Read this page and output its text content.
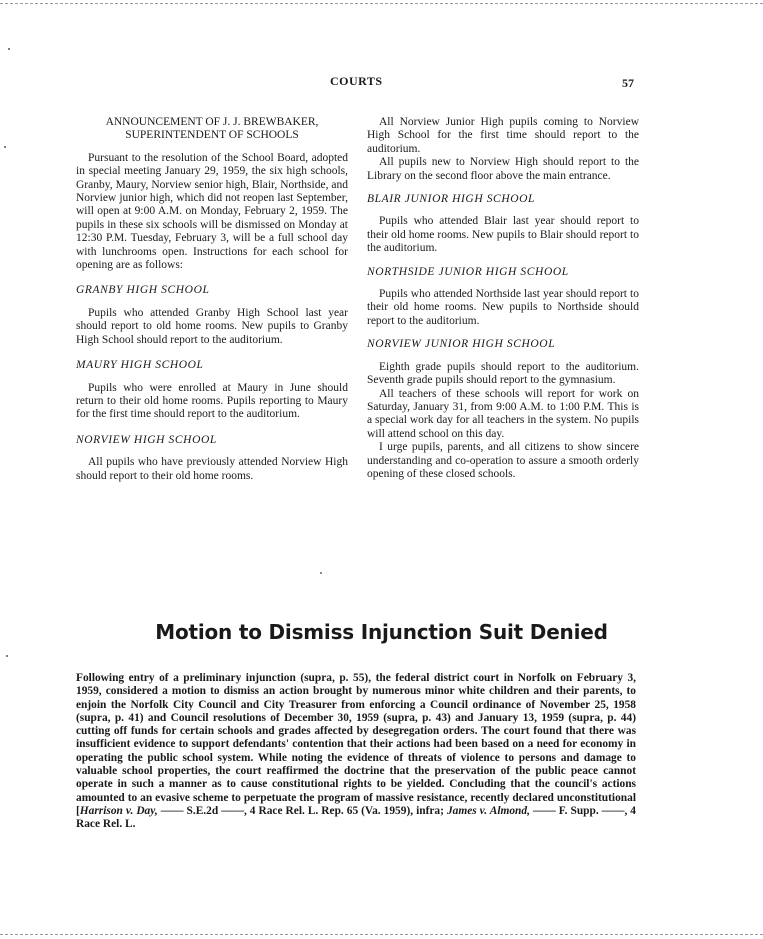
COURTS	57
ANNOUNCEMENT OF J. J. BREWBAKER,
SUPERINTENDENT OF SCHOOLS

Pursuant to the resolution of the School Board, adopted in special meeting January 29, 1959, the six high schools, Granby, Maury, Norview senior high, Blair, Northside, and Norview junior high, which did not reopen last September, will open at 9:00 A.M. on Monday, February 2, 1959. The pupils in these six schools will be dismissed on Monday at 12:30 P.M. Tuesday, February 3, will be a full school day with lunchrooms open. Instructions for each school for opening are as follows:

GRANBY HIGH SCHOOL

Pupils who attended Granby High School last year should report to old home rooms. New pupils to Granby High School should report to the auditorium.

MAURY HIGH SCHOOL

Pupils who were enrolled at Maury in June should return to their old home rooms. Pupils reporting to Maury for the first time should report to the auditorium.

NORVIEW HIGH SCHOOL

All pupils who have previously attended Norview High should report to their old home rooms.

All Norview Junior High pupils coming to Norview High School for the first time should report to the auditorium.

All pupils new to Norview High should report to the Library on the second floor above the main entrance.

BLAIR JUNIOR HIGH SCHOOL

Pupils who attended Blair last year should report to their old home rooms. New pupils to Blair should report to the auditorium.

NORTHSIDE JUNIOR HIGH SCHOOL

Pupils who attended Northside last year should report to their old home rooms. New pupils to Northside should report to the auditorium.

NORVIEW JUNIOR HIGH SCHOOL

Eighth grade pupils should report to the auditorium. Seventh grade pupils should report to the gymnasium.

All teachers of these schools will report for work on Saturday, January 31, from 9:00 A.M. to 1:00 P.M. This is a special work day for all teachers in the system. No pupils will attend school on this day.

I urge pupils, parents, and all citizens to show sincere understanding and co-operation to assure a smooth orderly opening of these closed schools.

Motion to Dismiss Injunction Suit Denied
Following entry of a preliminary injunction (supra, p. 55), the federal district court in Norfolk on February 3, 1959, considered a motion to dismiss an action brought by numerous minor white children and their parents, to enjoin the Norfolk City Council and City Treasurer from enforcing a Council ordinance of November 25, 1958 (supra, p. 41) and Council resolutions of December 30, 1959 (supra, p. 43) and January 13, 1959 (supra, p. 44) cutting off funds for certain schools and grades affected by desegregation orders. The court found that there was insufficient evidence to support defendants' contention that their actions had been based on a need for economy in operating the public school system. While noting the evidence of threats of violence to persons and damage to valuable school properties, the court reaffirmed the doctrine that the preservation of the public peace cannot operate in such a manner as to cause constitutional rights to be yielded. Concluding that the council's actions amounted to an evasive scheme to perpetuate the program of massive resistance, recently declared unconstitutional [Harrison v. Day, —— S.E.2d ——, 4 Race Rel. L. Rep. 65 (Va. 1959), infra; James v. Almond, —— F. Supp. ——, 4 Race Rel. L.
